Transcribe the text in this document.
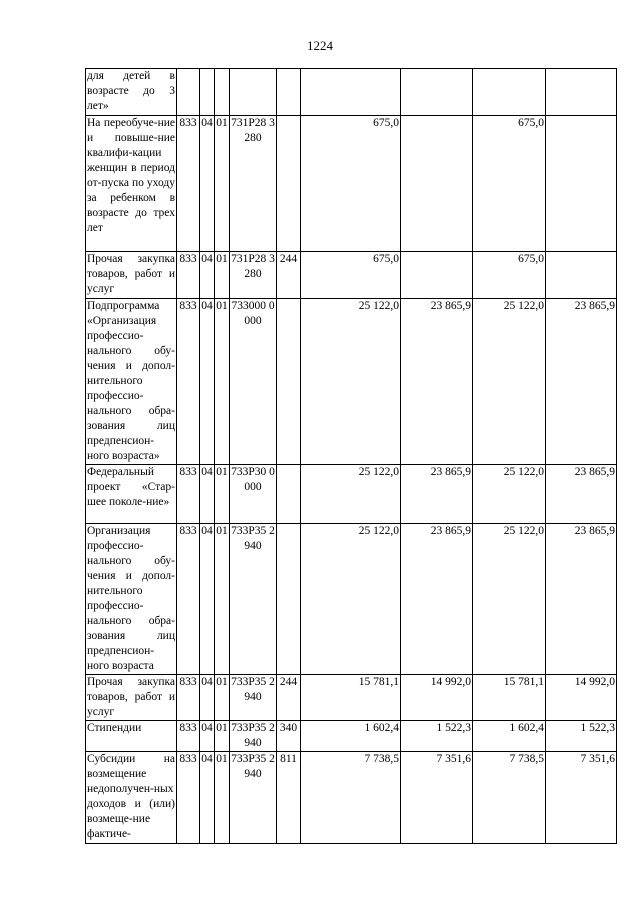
1224
для детей в возрасте до 3 лет»									
На переобуче-ние и повыше-ние квалифи-кации женщин в период от-пуска по уходу за ребенком в возрасте до трех лет	833	04	01	731P28 3280		675,0		675,0	
Прочая закупка товаров, работ и услуг	833	04	01	731P28 3280	244	675,0		675,0	
Подпрограмма «Организация профессио-нального обу-чения и допол-нительного профессио-нального обра-зования лиц предпенсион-ного возраста»	833	04	01	733000 0000		25 122,0	23 865,9	25 122,0	23 865,9
Федеральный проект «Стар-шее поколе-ние»	833	04	01	733P30 0000		25 122,0	23 865,9	25 122,0	23 865,9
Организация профессио-нального обу-чения и допол-нительного профессио-нального обра-зования лиц предпенсион-ного возраста	833	04	01	733P35 2940		25 122,0	23 865,9	25 122,0	23 865,9
Прочая закупка товаров, работ и услуг	833	04	01	733P35 2940	244	15 781,1	14 992,0	15 781,1	14 992,0
Стипендии	833	04	01	733P35 2940	340	1 602,4	1 522,3	1 602,4	1 522,3
Субсидии на возмещение недополучен-ных доходов и (или) возмеще-ние фактиче-	833	04	01	733P35 2940	811	7 738,5	7 351,6	7 738,5	7 351,6
